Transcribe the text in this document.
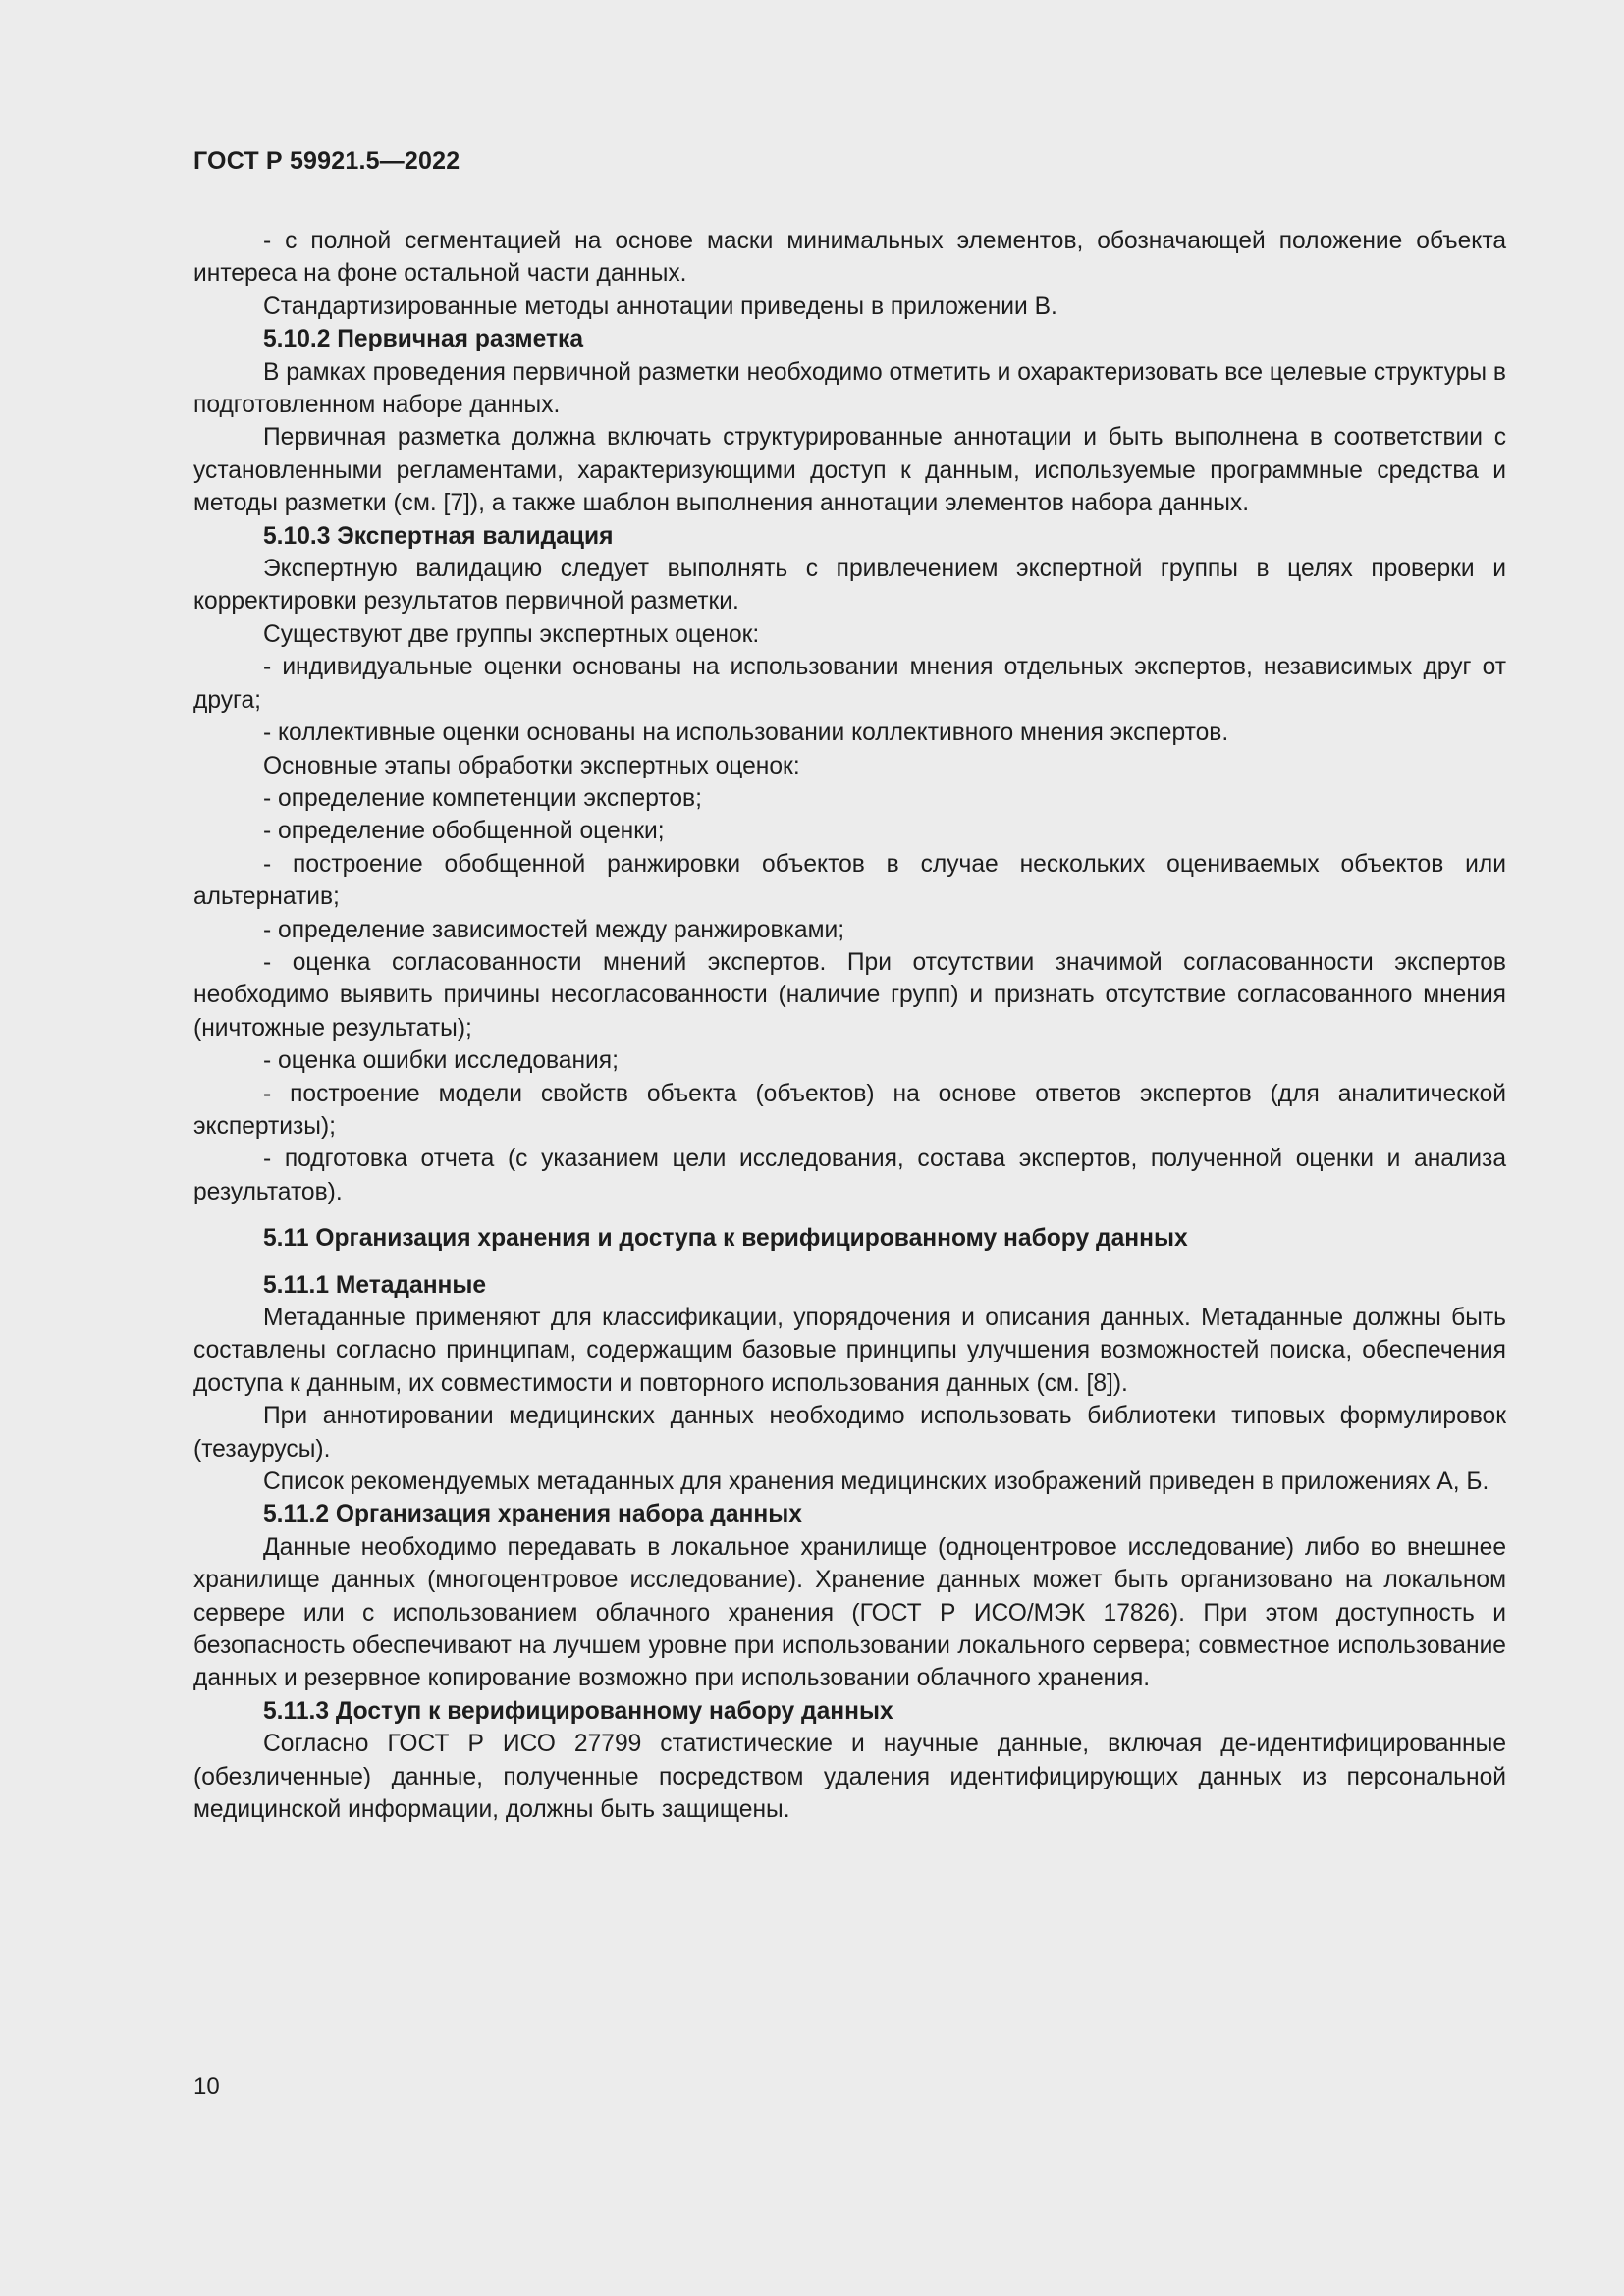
ГОСТ Р 59921.5—2022

- с полной сегментацией на основе маски минимальных элементов, обозначающей положение объекта интереса на фоне остальной части данных.

Стандартизированные методы аннотации приведены в приложении В.

5.10.2 Первичная разметка

В рамках проведения первичной разметки необходимо отметить и охарактеризовать все целевые структуры в подготовленном наборе данных.

Первичная разметка должна включать структурированные аннотации и быть выполнена в соответствии с установленными регламентами, характеризующими доступ к данным, используемые программные средства и методы разметки (см. [7]), а также шаблон выполнения аннотации элементов набора данных.

5.10.3 Экспертная валидация

Экспертную валидацию следует выполнять с привлечением экспертной группы в целях проверки и корректировки результатов первичной разметки.

Существуют две группы экспертных оценок:

- индивидуальные оценки основаны на использовании мнения отдельных экспертов, независимых друг от друга;

- коллективные оценки основаны на использовании коллективного мнения экспертов.

Основные этапы обработки экспертных оценок:

- определение компетенции экспертов;

- определение обобщенной оценки;

- построение обобщенной ранжировки объектов в случае нескольких оцениваемых объектов или альтернатив;

- определение зависимостей между ранжировками;

- оценка согласованности мнений экспертов. При отсутствии значимой согласованности экспертов необходимо выявить причины несогласованности (наличие групп) и признать отсутствие согласованного мнения (ничтожные результаты);

- оценка ошибки исследования;

- построение модели свойств объекта (объектов) на основе ответов экспертов (для аналитической экспертизы);

- подготовка отчета (с указанием цели исследования, состава экспертов, полученной оценки и анализа результатов).

5.11 Организация хранения и доступа к верифицированному набору данных

5.11.1 Метаданные

Метаданные применяют для классификации, упорядочения и описания данных. Метаданные должны быть составлены согласно принципам, содержащим базовые принципы улучшения возможностей поиска, обеспечения доступа к данным, их совместимости и повторного использования данных (см. [8]).

При аннотировании медицинских данных необходимо использовать библиотеки типовых формулировок (тезаурусы).

Список рекомендуемых метаданных для хранения медицинских изображений приведен в приложениях А, Б.

5.11.2 Организация хранения набора данных

Данные необходимо передавать в локальное хранилище (одноцентровое исследование) либо во внешнее хранилище данных (многоцентровое исследование). Хранение данных может быть организовано на локальном сервере или с использованием облачного хранения (ГОСТ Р ИСО/МЭК 17826). При этом доступность и безопасность обеспечивают на лучшем уровне при использовании локального сервера; совместное использование данных и резервное копирование возможно при использовании облачного хранения.

5.11.3 Доступ к верифицированному набору данных

Согласно ГОСТ Р ИСО 27799 статистические и научные данные, включая де-идентифицированные (обезличенные) данные, полученные посредством удаления идентифицирующих данных из персональной медицинской информации, должны быть защищены.

10
